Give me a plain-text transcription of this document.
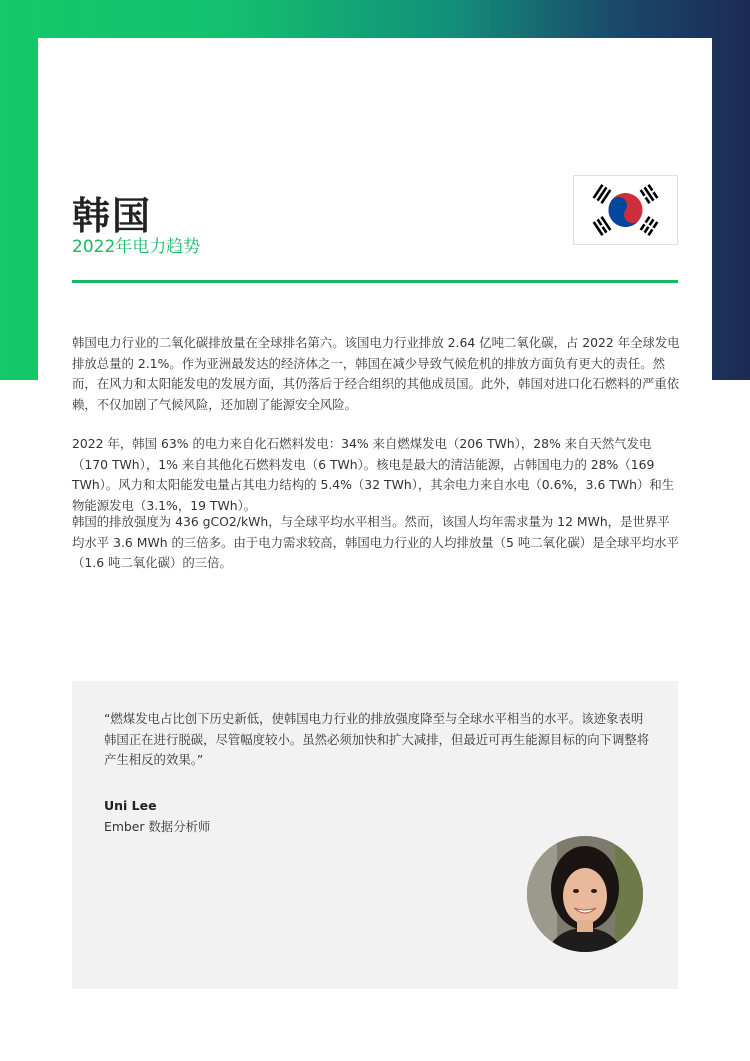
韩国
2022年电力趋势

韩国电力行业的二氧化碳排放量在全球排名第六。该国电力行业排放 2.64 亿吨二氧化碳，占 2022 年全球发电排放总量的 2.1%。作为亚洲最发达的经济体之一，韩国在减少导致气候危机的排放方面负有更大的责任。然而，在风力和太阳能发电的发展方面，其仍落后于经合组织的其他成员国。此外，韩国对进口化石燃料的严重依赖，不仅加剧了气候风险，还加剧了能源安全风险。

2022 年，韩国 63% 的电力来自化石燃料发电：34% 来自燃煤发电（206 TWh），28% 来自天然气发电（170 TWh），1% 来自其他化石燃料发电（6 TWh）。核电是最大的清洁能源，占韩国电力的 28%（169 TWh）。风力和太阳能发电量占其电力结构的 5.4%（32 TWh），其余电力来自水电（0.6%，3.6 TWh）和生物能源发电（3.1%，19 TWh）。

韩国的排放强度为 436 gCO2/kWh，与全球平均水平相当。然而，该国人均年需求量为 12 MWh，是世界平均水平 3.6 MWh 的三倍多。由于电力需求较高，韩国电力行业的人均排放量（5 吨二氧化碳）是全球平均水平（1.6 吨二氧化碳）的三倍。

“燃煤发电占比创下历史新低，使韩国电力行业的排放强度降至与全球水平相当的水平。该迹象表明韩国正在进行脱碳，尽管幅度较小。虽然必须加快和扩大减排，但最近可再生能源目标的向下调整将产生相反的效果。”

Uni Lee
Ember 数据分析师
